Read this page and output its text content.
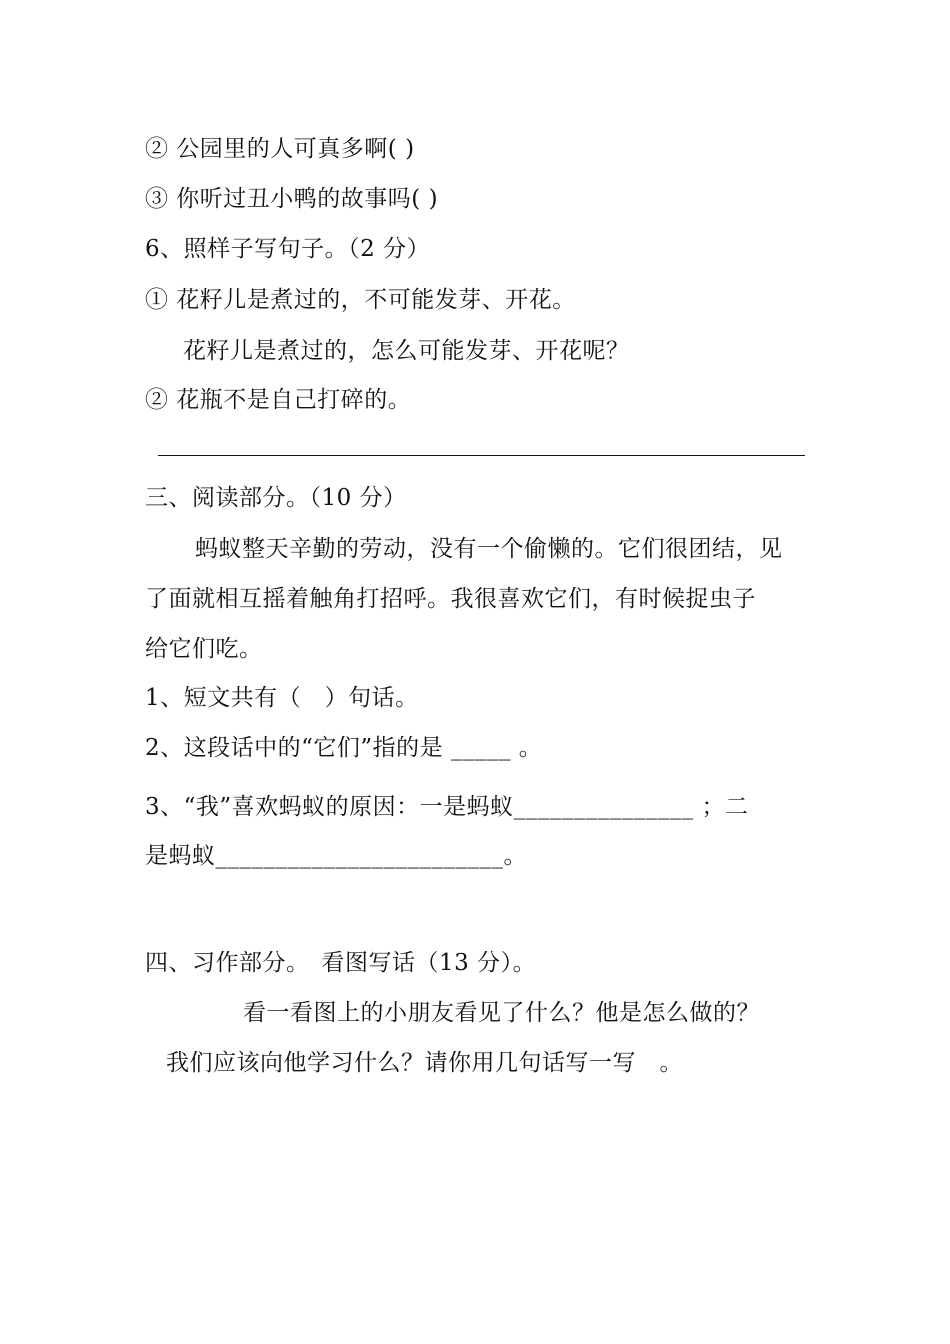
② 公园里的人可真多啊( )
③ 你听过丑小鸭的故事吗( )
6、照样子写句子。（2 分）
① 花籽儿是煮过的，不可能发芽、开花。
花籽儿是煮过的，怎么可能发芽、开花呢？
② 花瓶不是自己打碎的。
三、阅读部分。（10 分）
蚂蚁整天辛勤的劳动，没有一个偷懒的。它们很团结，见
了面就相互摇着触角打招呼。我很喜欢它们，有时候捉虫子
给它们吃。
1、短文共有（　）句话。
2、这段话中的“它们”指的是 _____ 。
3、“我”喜欢蚂蚁的原因：一是蚂蚁_______________ ；二
是蚂蚁________________________。
四、习作部分。　看图写话（13 分）。
看一看图上的小朋友看见了什么？他是怎么做的？
我们应该向他学习什么？请你用几句话写一写　。
